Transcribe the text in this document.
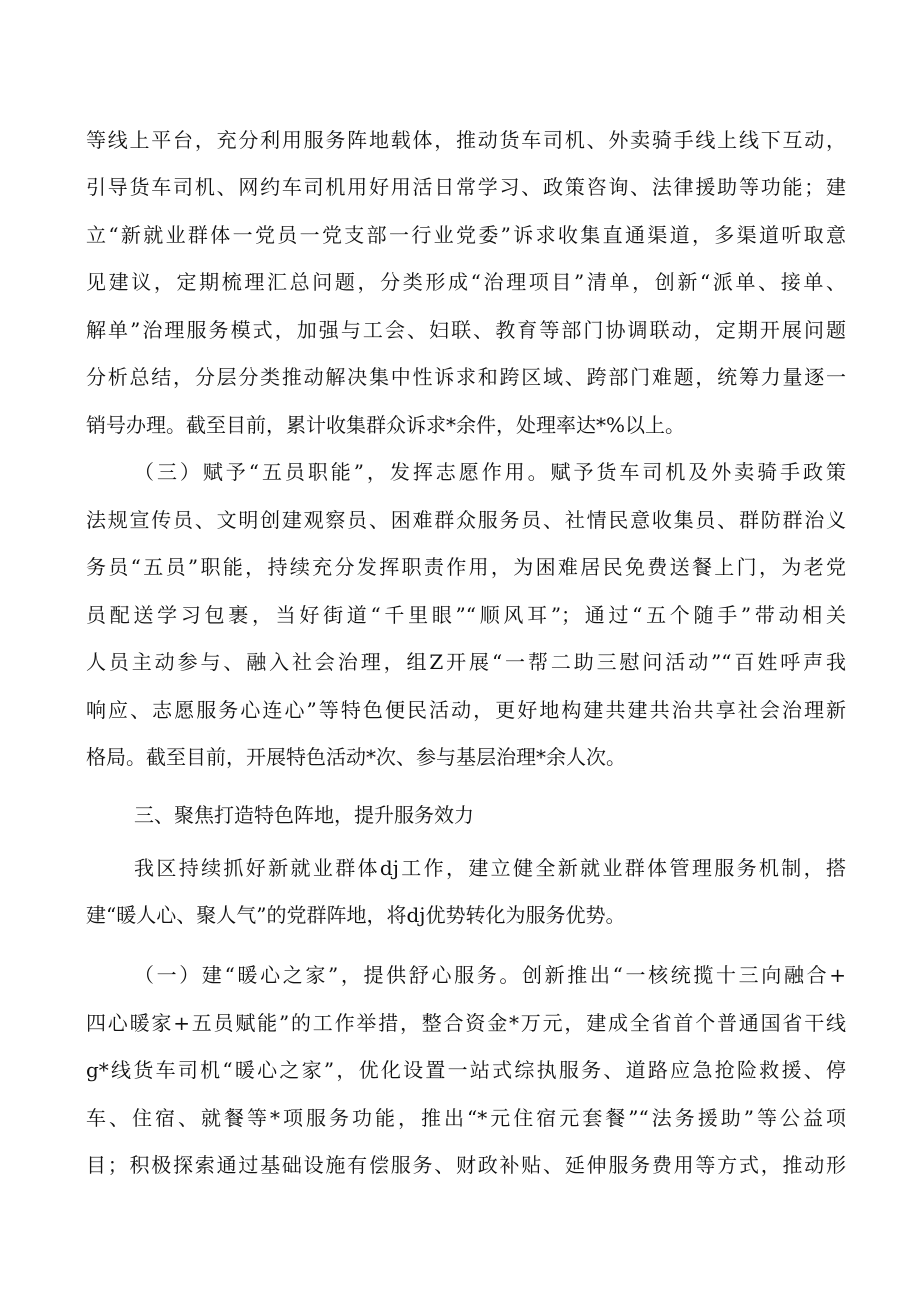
等线上平台，充分利用服务阵地载体，推动货车司机、外卖骑手线上线下互动，
引导货车司机、网约车司机用好用活日常学习、政策咨询、法律援助等功能；建
立“新就业群体一党员一党支部一行业党委”诉求收集直通渠道，多渠道听取意
见建议，定期梳理汇总问题，分类形成“治理项目”清单，创新“派单、接单、
解单”治理服务模式，加强与工会、妇联、教育等部门协调联动，定期开展问题
分析总结，分层分类推动解决集中性诉求和跨区域、跨部门难题，统筹力量逐一
销号办理。截至目前，累计收集群众诉求*余件，处理率达*%以上。
（三）赋予“五员职能”，发挥志愿作用。赋予货车司机及外卖骑手政策
法规宣传员、文明创建观察员、困难群众服务员、社情民意收集员、群防群治义
务员“五员”职能，持续充分发挥职责作用，为困难居民免费送餐上门，为老党
员配送学习包裹，当好街道“千里眼”“顺风耳”；通过“五个随手”带动相关
人员主动参与、融入社会治理，组Z开展“一帮二助三慰问活动”“百姓呼声我
响应、志愿服务心连心”等特色便民活动，更好地构建共建共治共享社会治理新
格局。截至目前，开展特色活动*次、参与基层治理*余人次。
三、聚焦打造特色阵地，提升服务效力
我区持续抓好新就业群体dj工作，建立健全新就业群体管理服务机制，搭
建“暖人心、聚人气”的党群阵地，将dj优势转化为服务优势。
（一）建“暖心之家”，提供舒心服务。创新推出“一核统揽十三向融合+
四心暖家+五员赋能”的工作举措，整合资金*万元，建成全省首个普通国省干线
g*线货车司机“暖心之家”，优化设置一站式综执服务、道路应急抢险救援、停
车、住宿、就餐等*项服务功能，推出“*元住宿元套餐”“法务援助”等公益项
目；积极探索通过基础设施有偿服务、财政补贴、延伸服务费用等方式，推动形
